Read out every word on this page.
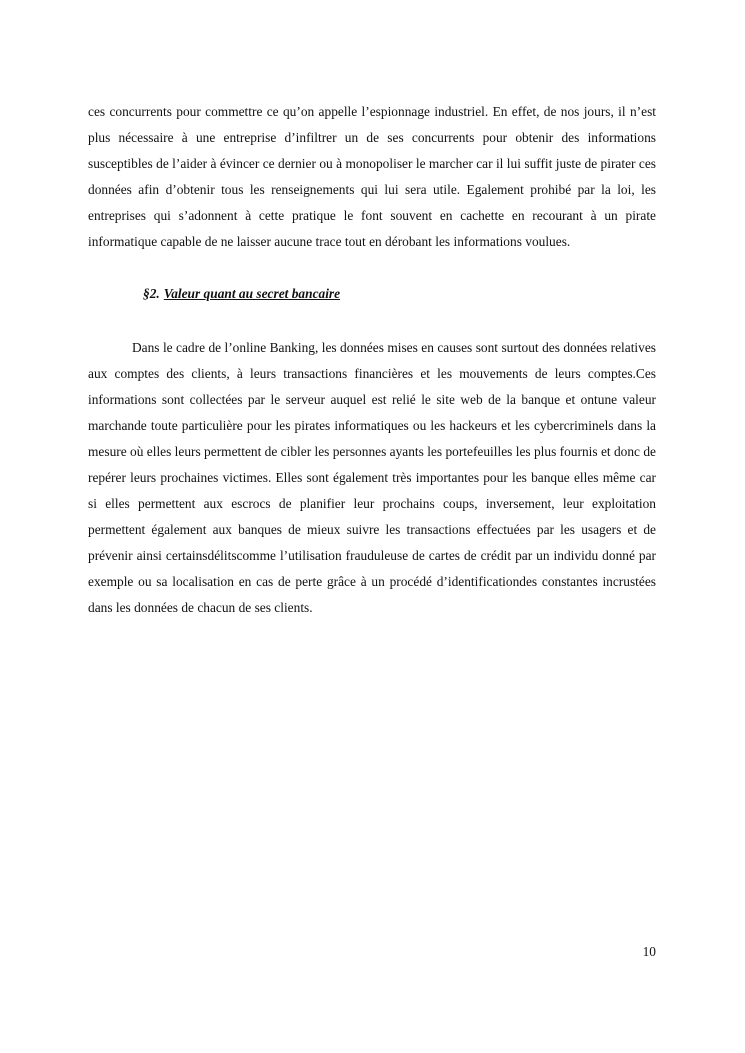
ces concurrents pour commettre ce qu’on appelle l’espionnage industriel. En effet, de nos jours, il n’est plus nécessaire à une entreprise d’infiltrer un de ses concurrents pour obtenir des informations susceptibles de l’aider à évincer ce dernier ou à monopoliser le marcher car il lui suffit juste de pirater ces données afin d’obtenir tous les renseignements qui lui sera utile. Egalement prohibé par la loi, les entreprises qui s’adonnent à cette pratique le font souvent en cachette en recourant à un pirate informatique capable de ne laisser aucune trace tout en dérobant les informations voulues.

§2. Valeur quant au secret bancaire

Dans le cadre de l’online Banking, les données mises en causes sont surtout des données relatives aux comptes des clients, à leurs transactions financières et les mouvements de leurs comptes.Ces informations sont collectées par le serveur auquel est relié le site web de la banque et ontune valeur marchande toute particulière pour les pirates informatiques ou les hackeurs et les cybercriminels dans la mesure où elles leurs permettent de cibler les personnes ayants les portefeuilles les plus fournis et donc de repérer leurs prochaines victimes. Elles sont également très importantes pour les banque elles même car si elles permettent aux escrocs de planifier leur prochains coups, inversement, leur exploitation permettent également aux banques de mieux suivre les transactions effectuées par les usagers et de prévenir ainsi certainsdélitscomme l’utilisation frauduleuse de cartes de crédit par un individu donné par exemple ou sa localisation en cas de perte grâce à un procédé d’identificationdes constantes incrustées dans les données de chacun de ses clients.

10
